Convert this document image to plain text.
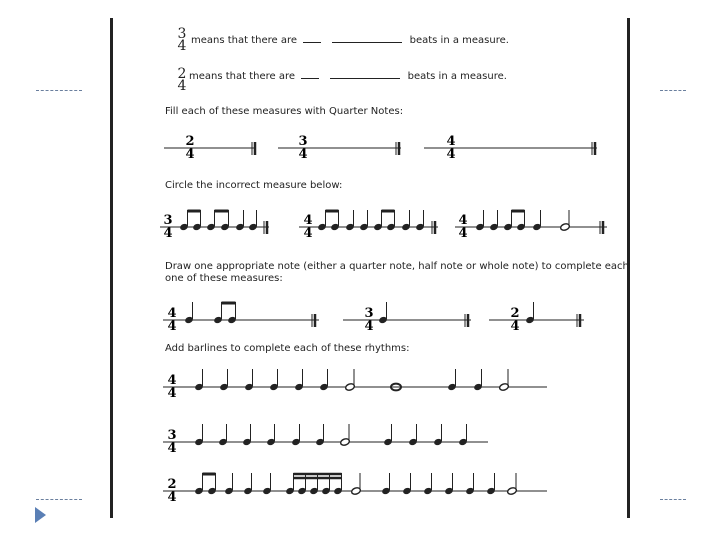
3
4 means that there are	beats in a measure.
2
4
means that there are	beats in a measure.
Fill each of these measures with Quarter Notes:
Circle the incorrect measure below:
Draw one appropriate note (either a quarter note, half note or whole note) to complete each
one of these measures:
Add barlines to complete each of these rhythms:
2
4
3
4
4
4
3
4
4
4
4
4
4
4
3
4
2
4
4
4
3
4
2
4
